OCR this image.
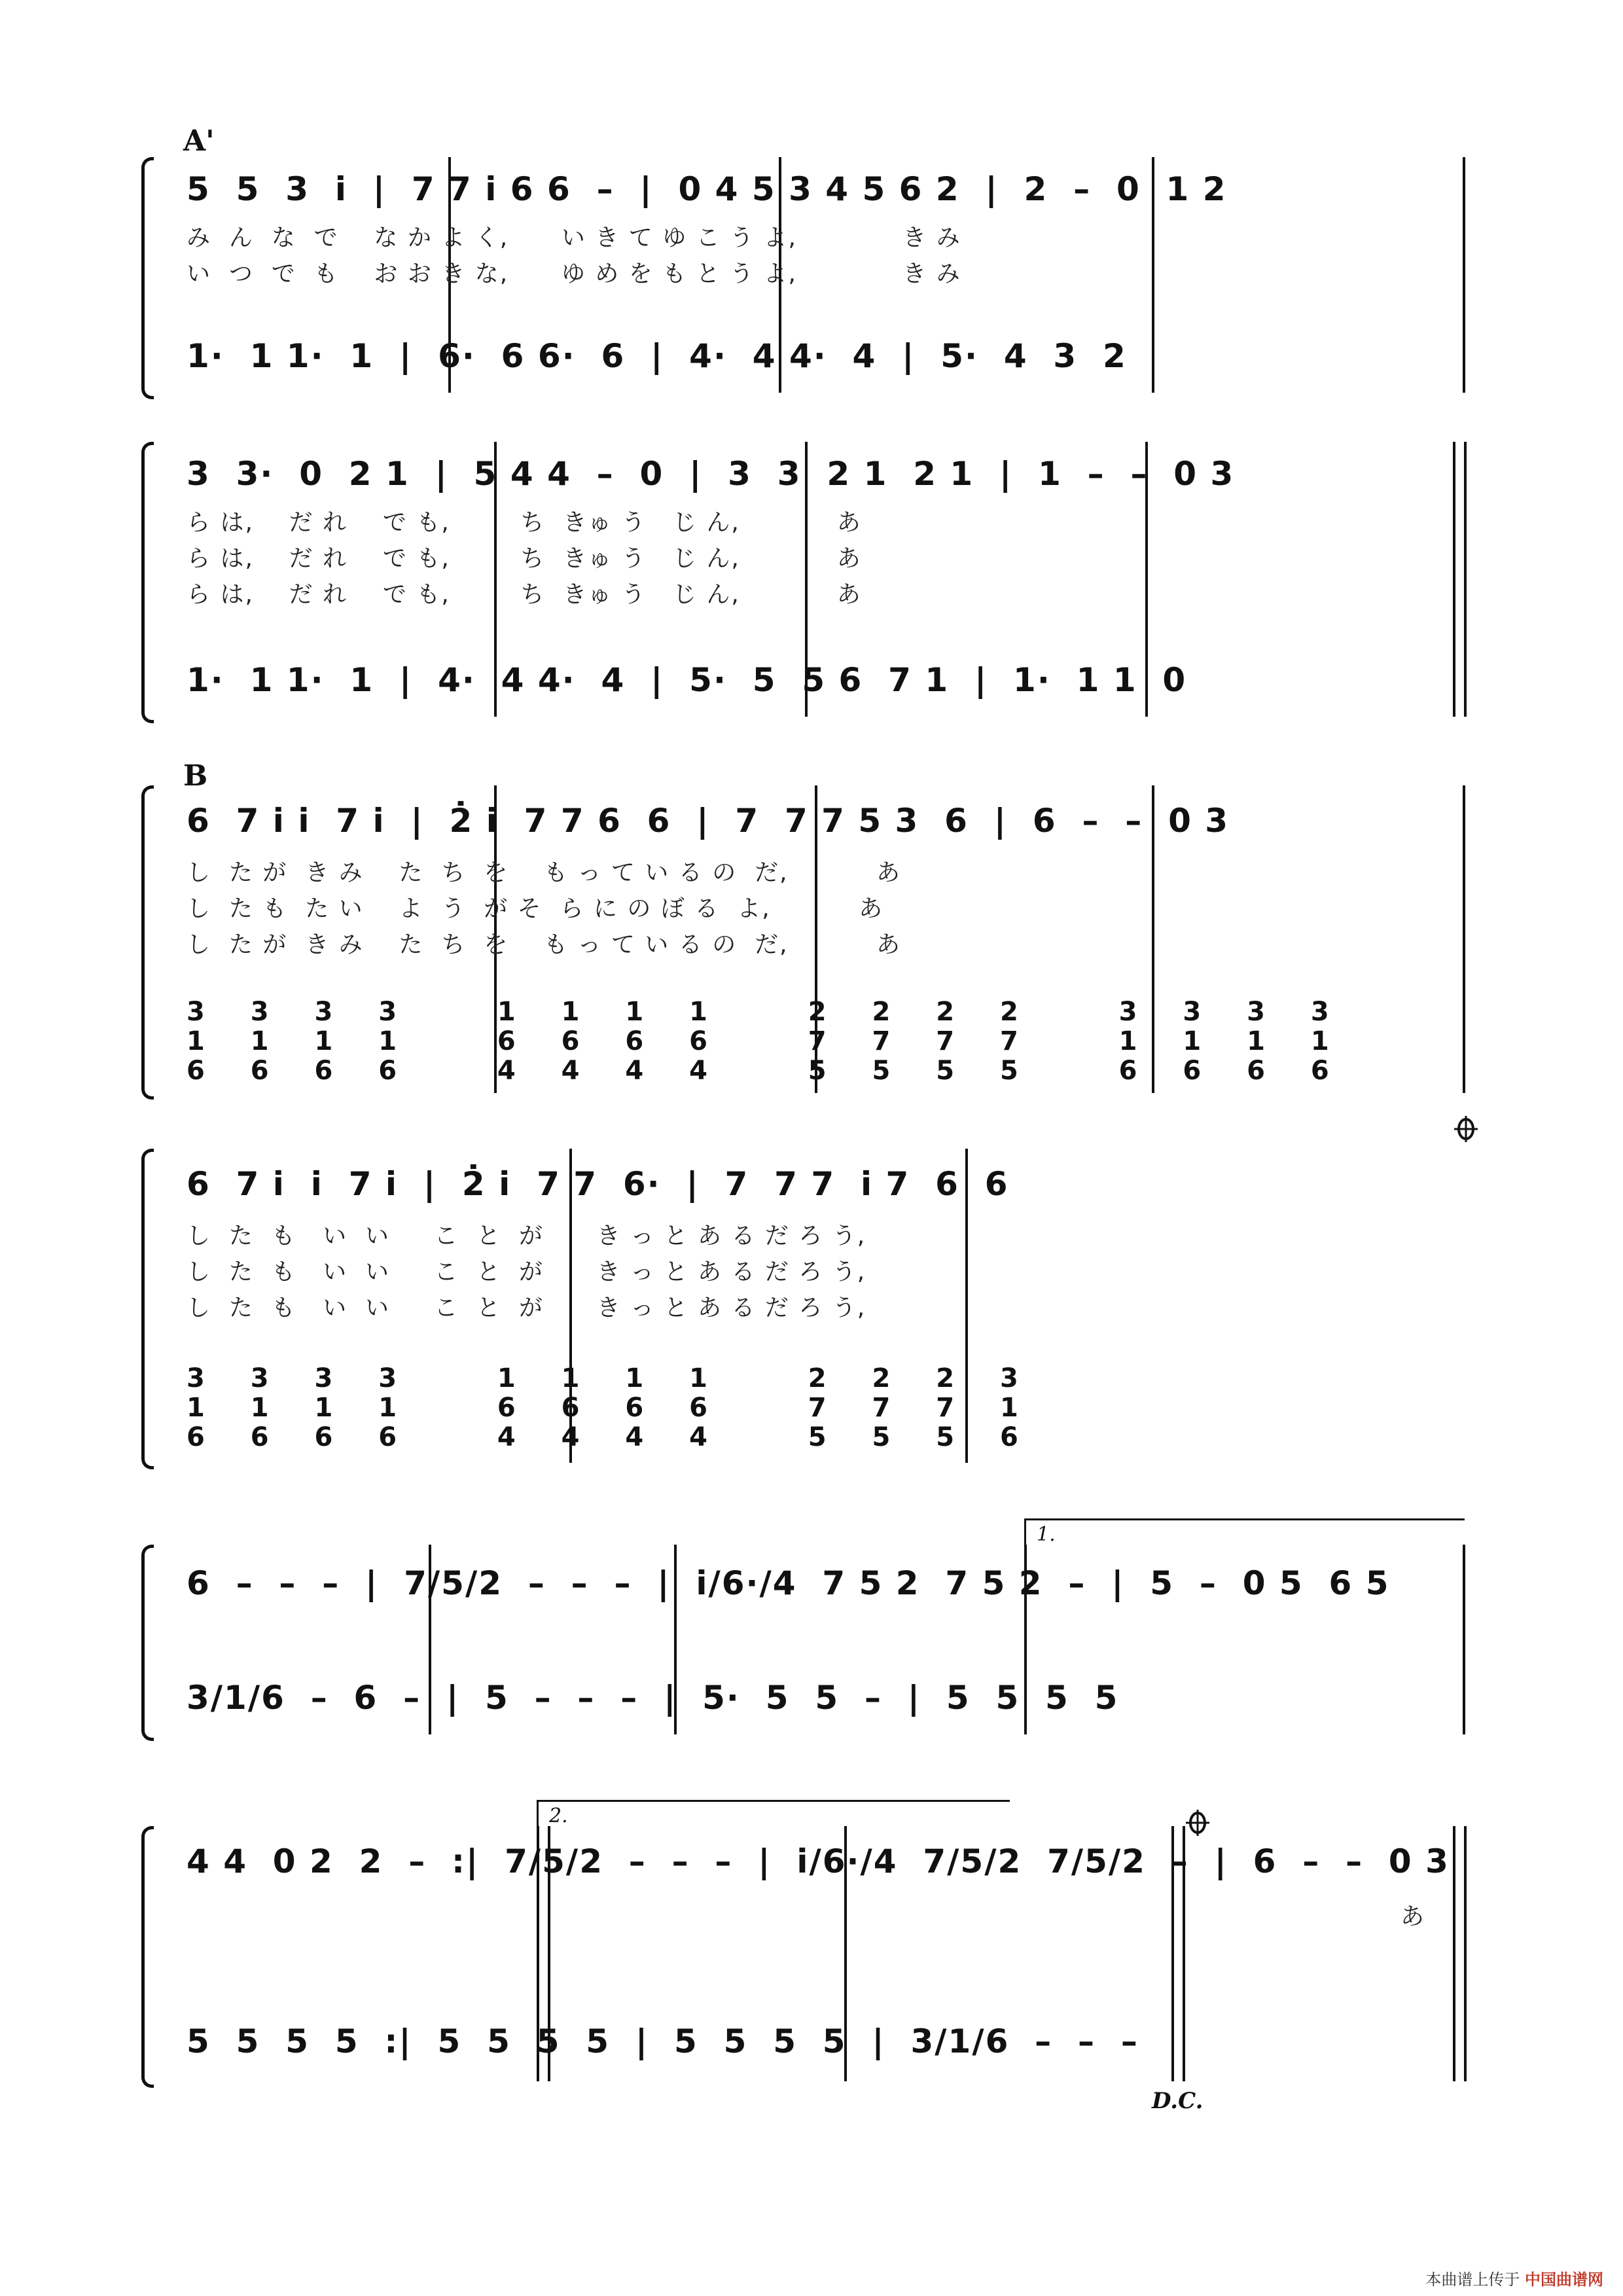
A'
5  5  3  i̇  |  7 7 i̇ 6 6  –  |  0 4 5 3 4 5 6 2  |  2  –  0  1 2
み  ん  な  で    な か よ く,      い き て ゆ こ う よ,            き み
い  つ  で  も    お お き な,      ゆ め を も と う よ,            き み
1·  1 1·  1  |  6·  6 6·  6  |  4·  4 4·  4  |  5·  4  3  2
3  3·  0  2 1  |  5 4 4  –  0  |  3  3  2 1  2 1  |  1  –  –  0 3
ら は,    だ れ    で も,        ち  きゅ う   じ ん,           あ
ら は,    だ れ    で も,        ち  きゅ う   じ ん,           あ
ら は,    だ れ    で も,        ち  きゅ う   じ ん,           あ
1·  1 1·  1  |  4·  4 4·  4  |  5·  5  5 6  7 1  |  1·  1 1  0
B
6  7 i̇ i̇  7 i̇  |  2̇ i̇  7 7 6  6  |  7  7 7 5 3  6  |  6  –  –  0 3
し  た が  き み    た  ち  を    も っ て い る の  だ,          あ
し  た も  た い    よ  う  が そ  ら に の ぼ る  よ,          あ
し  た が  き み    た  ち  を    も っ て い る の  だ,          あ
3 3 3 3   1 1 1 1   2 2 2 2   3 3 3 3
1 1 1 1   6 6 6 6   7 7 7 7   1 1 1 1
6 6 6 6   4 4 4 4   5 5 5 5   6 6 6 6
6  7 i̇  i̇  7 i̇  |  2̇ i̇  7 7  6·  |  7  7 7  i̇ 7  6  6
し  た  も   い  い     こ  と  が      き っ と あ る だ ろ う,
し  た  も   い  い     こ  と  が      き っ と あ る だ ろ う,
し  た  も   い  い     こ  と  が      き っ と あ る だ ろ う,
3 3 3 3   1 1 1 1   2 2 2 3
1 1 1 1   6 6 6 6   7 7 7 1
6 6 6 6   4 4 4 4   5 5 5 6
1.
6  –  –  –  |  7/5/2  –  –  –  |  i̇/6·/4  7 5 2  7 5 2  –  |  5  –  0 5  6 5
3/1/6  –  6  –  |  5  –  –  –  |  5·  5  5  –  |  5  5  5  5
2.
4 4  0 2  2  –  :|  7/5/2  –  –  –  |  i̇/6·/4  7/5/2  7/5/2  –  |  6  –  –  0 3
あ
5  5  5  5  :|  5  5  5  5  |  5  5  5  5  |  3/1/6  –  –  –
D.C.
本曲谱上传于 中国曲谱网
